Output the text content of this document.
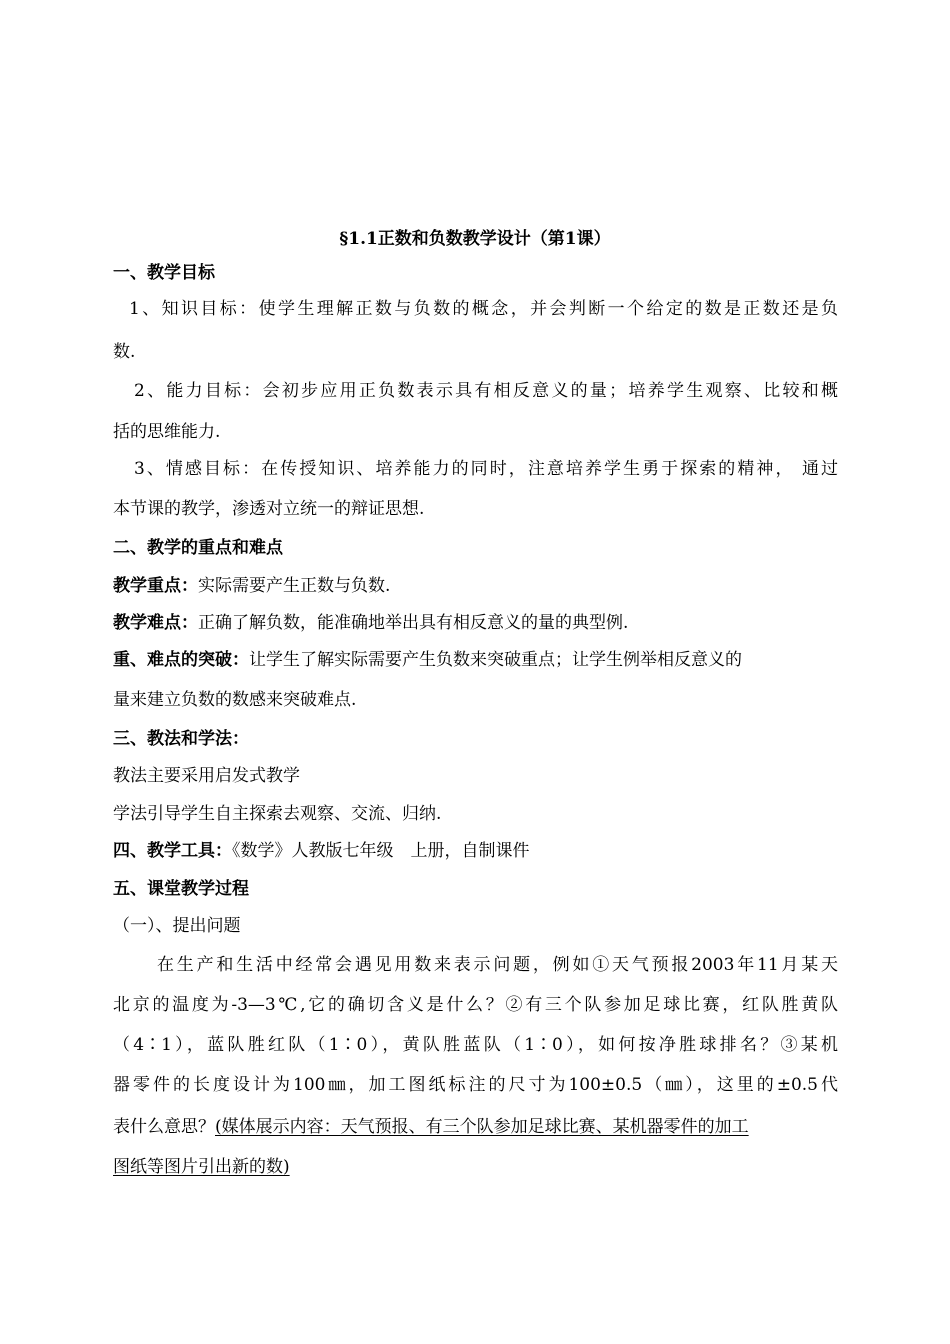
§1.1正数和负数教学设计（第1课）
一、教学目标
1、知识目标：使学生理解正数与负数的概念，并会判断一个给定的数是正数还是负
数.
2、能力目标：会初步应用正负数表示具有相反意义的量；培养学生观察、比较和概
括的思维能力.
3、情感目标：在传授知识、培养能力的同时，注意培养学生勇于探索的精神， 通过
本节课的教学，渗透对立统一的辩证思想.
二、教学的重点和难点
教学重点：实际需要产生正数与负数.
教学难点：正确了解负数，能准确地举出具有相反意义的量的典型例.
重、难点的突破：让学生了解实际需要产生负数来突破重点；让学生例举相反意义的
量来建立负数的数感来突破难点.
三、教法和学法：
教法主要采用启发式教学
学法引导学生自主探索去观察、交流、归纳.
四、教学工具：《数学》人教版七年级　上册，自制课件
五、课堂教学过程
（一）、提出问题
在生产和生活中经常会遇见用数来表示问题，例如①天气预报2003年11月某天
北京的温度为-3—3℃,它的确切含义是什么？②有三个队参加足球比赛，红队胜黄队
（4∶1），蓝队胜红队（1∶0），黄队胜蓝队（1∶0），如何按净胜球排名？③某机
器零件的长度设计为100㎜，加工图纸标注的尺寸为100±0.5（㎜），这里的±0.5代
表什么意思？(媒体展示内容：天气预报、有三个队参加足球比赛、某机器零件的加工
图纸等图片引出新的数)
